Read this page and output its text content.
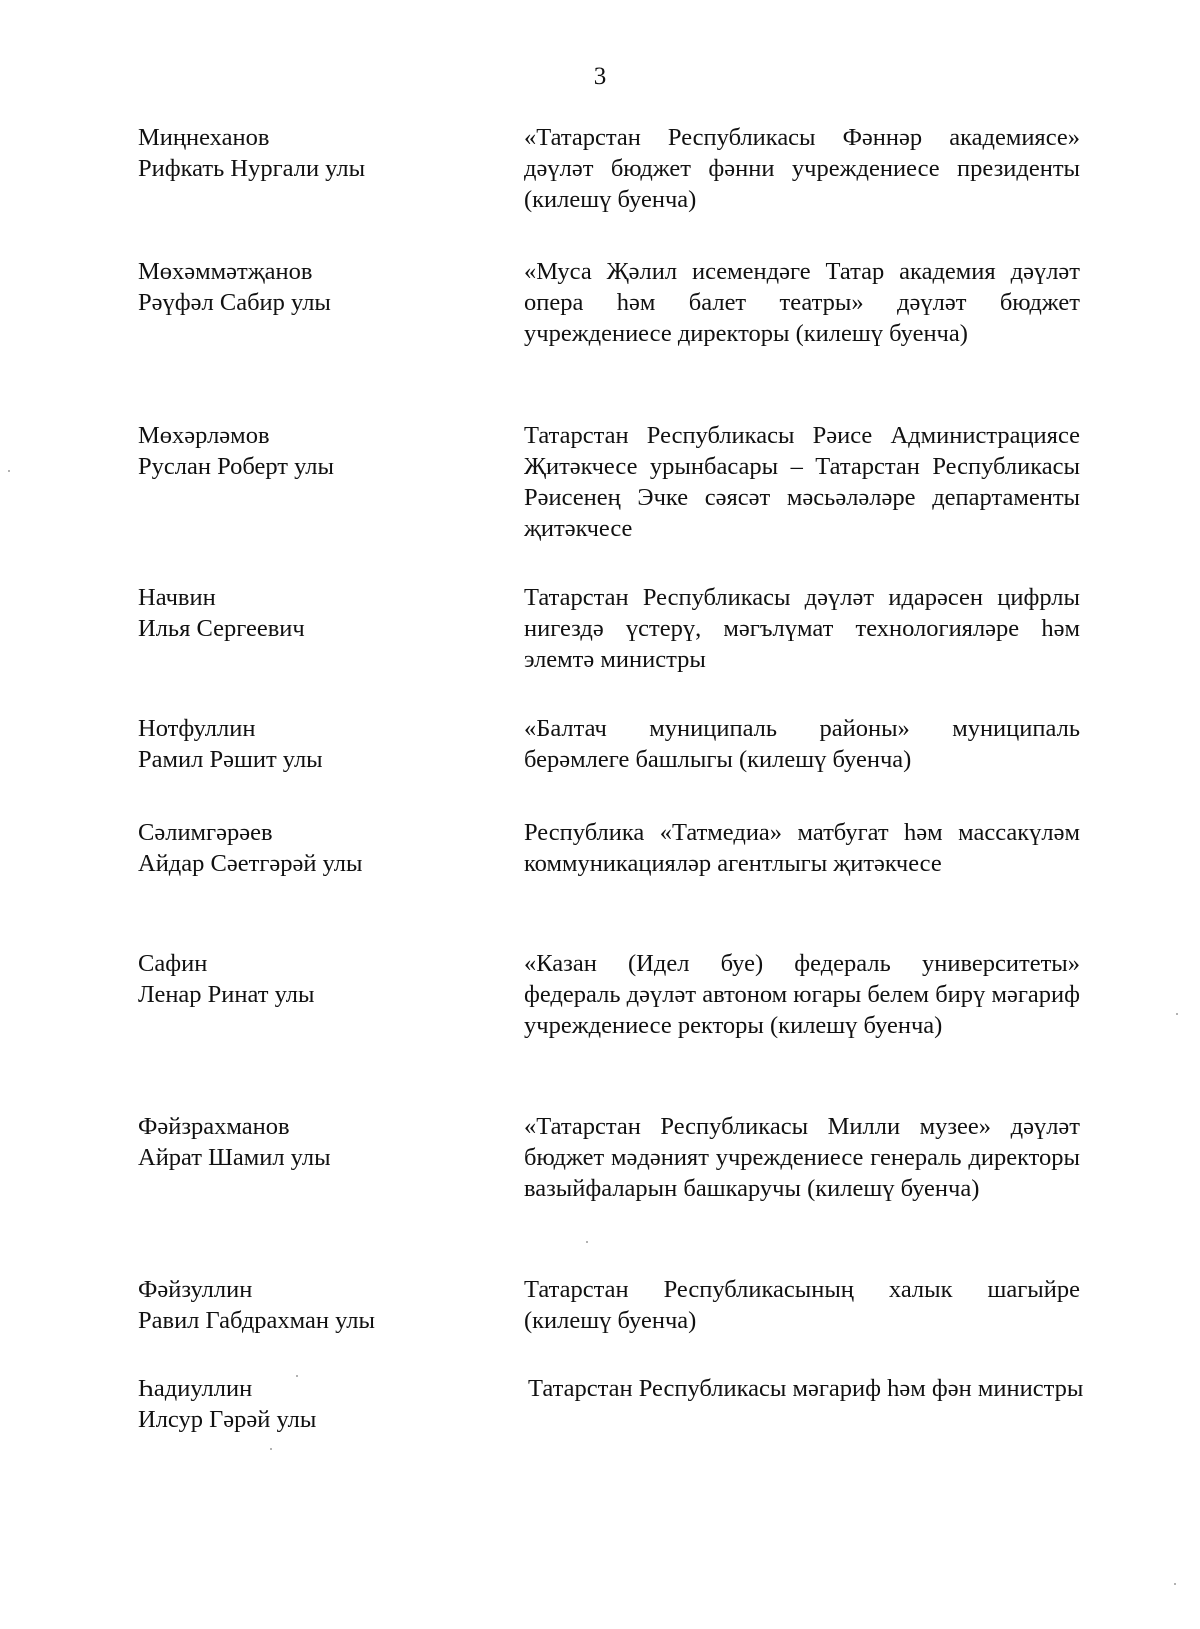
3
Миңнеханов
Рифкать Нургали улы
«Татарстан Республикасы Фәннәр академиясе» дәүләт бюджет фәнни учреждениесе президенты (килешү буенча)
Мөхәммәтҗанов
Рәүфәл Сабир улы
«Муса Җәлил исемендәге Татар академия дәүләт опера һәм балет театры» дәүләт бюджет учреждениесе директоры (килешү буенча)
Мөхәрләмов
Руслан Роберт улы
Татарстан Республикасы Рәисе Администрациясе Җитәкчесе урынбасары – Татарстан Республикасы Рәисенең Эчке сәясәт мәсьәләләре департаменты җитәкчесе
Начвин
Илья Сергеевич
Татарстан Республикасы дәүләт идарәсен цифрлы нигездә үстерү, мәгълүмат технологияләре һәм элемтә министры
Нотфуллин
Рамил Рәшит улы
«Балтач муниципаль районы» муниципаль берәмлеге башлыгы (килешү буенча)
Сәлимгәрәев
Айдар Сәетгәрәй улы
Республика «Татмедиа» матбугат һәм массакүләм коммуникацияләр агентлыгы җитәкчесе
Сафин
Ленар Ринат улы
«Казан (Идел буе) федераль университеты» федераль дәүләт автоном югары белем бирү мәгариф учреждениесе ректоры (килешү буенча)
Фәйзрахманов
Айрат Шамил улы
«Татарстан Республикасы Милли музее» дәүләт бюджет мәдәният учреждениесе генераль директоры вазыйфаларын башкаручы (килешү буенча)
Фәйзуллин
Равил Габдрахман улы
Татарстан Республикасының халык шагыйре (килешү буенча)
Һадиуллин
Илсур Гәрәй улы
Татарстан Республикасы мәгариф һәм фән министры
